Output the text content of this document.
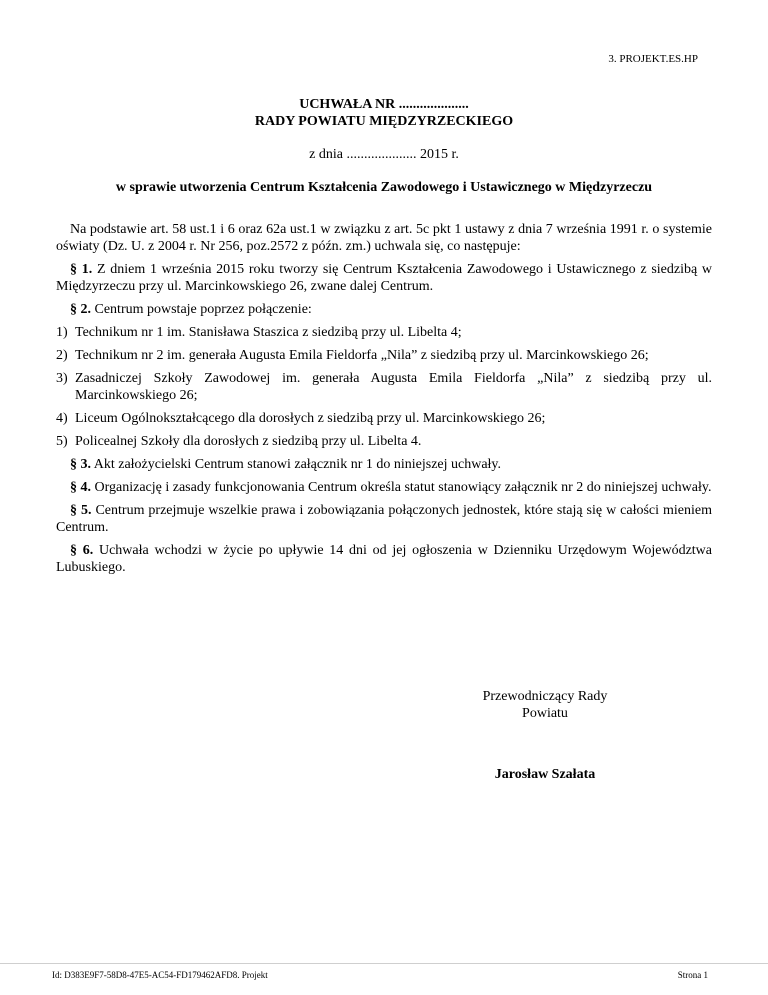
3. PROJEKT.ES.HP
UCHWAŁA NR ....................
RADY POWIATU MIĘDZYRZECKIEGO
z dnia .................... 2015 r.
w sprawie utworzenia Centrum Kształcenia Zawodowego i Ustawicznego w Międzyrzeczu

Na podstawie art. 58 ust.1 i 6 oraz 62a ust.1 w związku z art. 5c pkt 1 ustawy z dnia 7 września 1991 r. o systemie oświaty (Dz. U. z 2004 r. Nr 256, poz.2572 z późn. zm.) uchwala się, co następuje:

§ 1. Z dniem 1 września 2015 roku tworzy się Centrum Kształcenia Zawodowego i Ustawicznego z siedzibą w Międzyrzeczu przy ul. Marcinkowskiego 26, zwane dalej Centrum.

§ 2. Centrum powstaje poprzez połączenie:

1) Technikum nr 1 im. Stanisława Staszica z siedzibą przy ul. Libelta 4;
2) Technikum nr 2 im. generała Augusta Emila Fieldorfa „Nila” z siedzibą przy ul. Marcinkowskiego 26;
3) Zasadniczej Szkoły Zawodowej im. generała Augusta Emila Fieldorfa „Nila” z siedzibą przy ul. Marcinkowskiego 26;
4) Liceum Ogólnokształcącego dla dorosłych z siedzibą przy ul. Marcinkowskiego 26;
5) Policealnej Szkoły dla dorosłych z siedzibą przy ul. Libelta 4.

§ 3. Akt założycielski Centrum stanowi załącznik nr 1 do niniejszej uchwały.

§ 4. Organizację i zasady funkcjonowania Centrum określa statut stanowiący załącznik nr 2 do niniejszej uchwały.

§ 5. Centrum przejmuje wszelkie prawa i zobowiązania połączonych jednostek, które stają się w całości mieniem Centrum.

§ 6. Uchwała wchodzi w życie po upływie 14 dni od jej ogłoszenia w Dzienniku Urzędowym Województwa Lubuskiego.

Przewodniczący Rady
Powiatu
Jarosław Szałata
Id: D383E9F7-58D8-47E5-AC54-FD179462AFD8. Projekt	Strona 1
